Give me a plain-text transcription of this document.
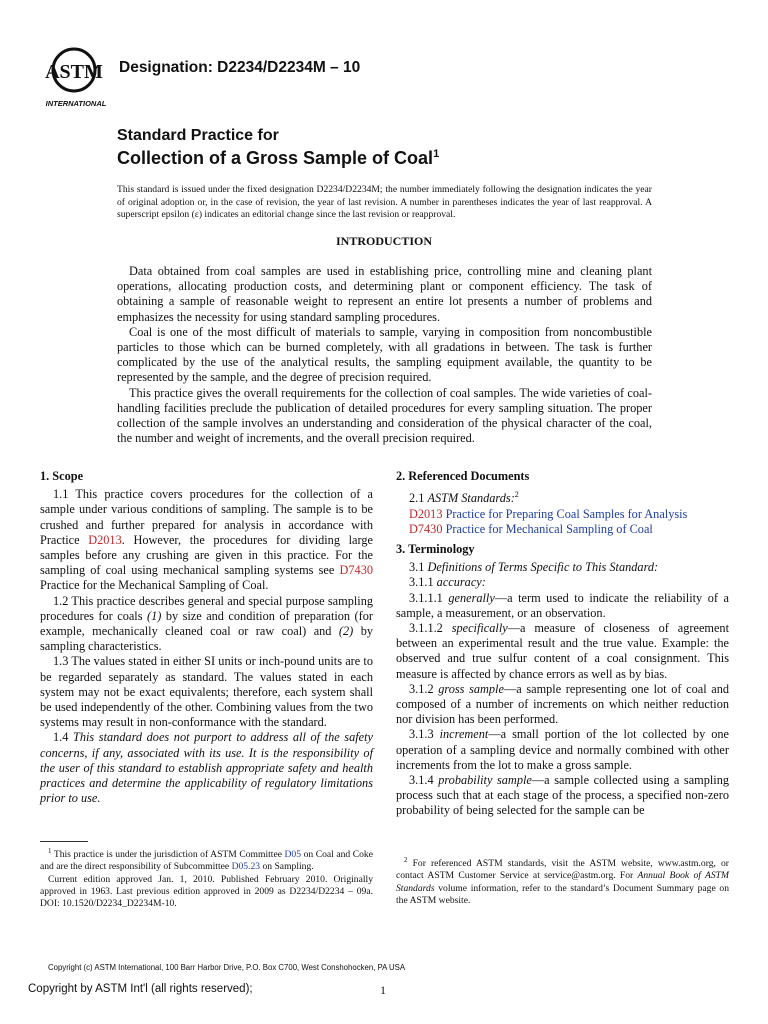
ASTM
INTERNATIONAL
Designation: D2234/D2234M – 10
Standard Practice for
Collection of a Gross Sample of Coal$^1$
This standard is issued under the fixed designation D2234/D2234M; the number immediately following the designation indicates the year of original adoption or, in the case of revision, the year of last revision. A number in parentheses indicates the year of last reapproval. A superscript epsilon (ε) indicates an editorial change since the last revision or reapproval.
INTRODUCTION

Data obtained from coal samples are used in establishing price, controlling mine and cleaning plant operations, allocating production costs, and determining plant or component efficiency. The task of obtaining a sample of reasonable weight to represent an entire lot presents a number of problems and emphasizes the necessity for using standard sampling procedures.

Coal is one of the most difficult of materials to sample, varying in composition from noncombustible particles to those which can be burned completely, with all gradations in between. The task is further complicated by the use of the analytical results, the sampling equipment available, the quantity to be represented by the sample, and the degree of precision required.

This practice gives the overall requirements for the collection of coal samples. The wide varieties of coal-handling facilities preclude the publication of detailed procedures for every sampling situation. The proper collection of the sample involves an understanding and consideration of the physical character of the coal, the number and weight of increments, and the overall precision required.

1. Scope

1.1 This practice covers procedures for the collection of a sample under various conditions of sampling. The sample is to be crushed and further prepared for analysis in accordance with Practice D2013. However, the procedures for dividing large samples before any crushing are given in this practice. For the sampling of coal using mechanical sampling systems see D7430 Practice for the Mechanical Sampling of Coal.

1.2 This practice describes general and special purpose sampling procedures for coals (1) by size and condition of preparation (for example, mechanically cleaned coal or raw coal) and (2) by sampling characteristics.

1.3 The values stated in either SI units or inch-pound units are to be regarded separately as standard. The values stated in each system may not be exact equivalents; therefore, each system shall be used independently of the other. Combining values from the two systems may result in non-conformance with the standard.

1.4 This standard does not purport to address all of the safety concerns, if any, associated with its use. It is the responsibility of the user of this standard to establish appropriate safety and health practices and determine the applicability of regulatory limitations prior to use.

2. Referenced Documents

2.1 ASTM Standards:$^2$

D2013 Practice for Preparing Coal Samples for Analysis

D7430 Practice for Mechanical Sampling of Coal

3. Terminology

3.1 Definitions of Terms Specific to This Standard:

3.1.1 accuracy:

3.1.1.1 generally—a term used to indicate the reliability of a sample, a measurement, or an observation.

3.1.1.2 specifically—a measure of closeness of agreement between an experimental result and the true value. Example: the observed and true sulfur content of a coal consignment. This measure is affected by chance errors as well as by bias.

3.1.2 gross sample—a sample representing one lot of coal and composed of a number of increments on which neither reduction nor division has been performed.

3.1.3 increment—a small portion of the lot collected by one operation of a sampling device and normally combined with other increments from the lot to make a gross sample.

3.1.4 probability sample—a sample collected using a sampling process such that at each stage of the process, a specified non-zero probability of being selected for the sample can be

$^1$ This practice is under the jurisdiction of ASTM Committee D05 on Coal and Coke and are the direct responsibility of Subcommittee D05.23 on Sampling.

Current edition approved Jan. 1, 2010. Published February 2010. Originally approved in 1963. Last previous edition approved in 2009 as D2234/D2234 – 09a. DOI: 10.1520/D2234_D2234M-10.

$^2$ For referenced ASTM standards, visit the ASTM website, www.astm.org, or contact ASTM Customer Service at service@astm.org. For Annual Book of ASTM Standards volume information, refer to the standard’s Document Summary page on the ASTM website.

Copyright (c) ASTM International, 100 Barr Harbor Drive, P.O. Box C700, West Conshohocken, PA USA
Copyright by ASTM Int'l (all rights reserved);	1
